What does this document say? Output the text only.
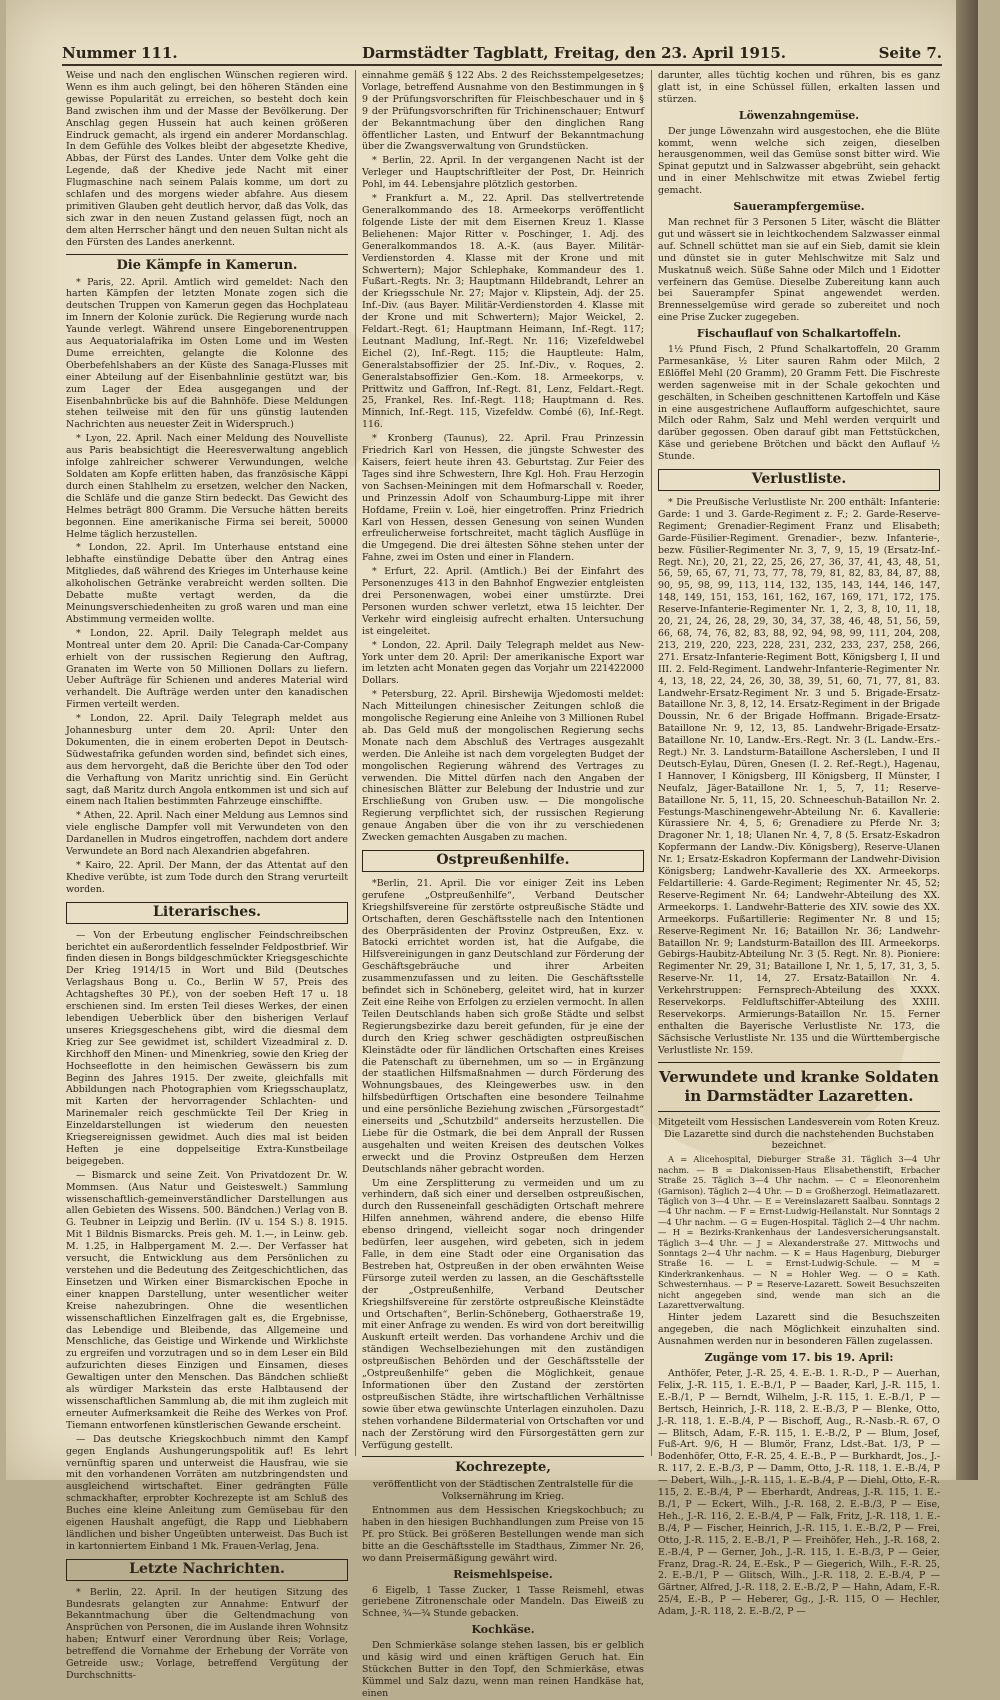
Nummer 111.	Darmstädter Tagblatt, Freitag, den 23. April 1915.	Seite 7.

Weise und nach den englischen Wünschen regieren wird. Wenn es ihm auch gelingt, bei den höheren Ständen eine gewisse Popularität zu erreichen, so besteht doch kein Band zwischen ihm und der Masse der Bevölkerung. Der Anschlag gegen Hussein hat auch keinen größeren Eindruck gemacht, als irgend ein anderer Mordanschlag. In dem Gefühle des Volkes bleibt der abgesetzte Khedive, Abbas, der Fürst des Landes. Unter dem Volke geht die Legende, daß der Khedive jede Nacht mit einer Flugmaschine nach seinem Palais komme, um dort zu schlafen und des morgens wieder abfahre. Aus diesem primitiven Glauben geht deutlich hervor, daß das Volk, das sich zwar in den neuen Zustand gelassen fügt, noch an dem alten Herrscher hängt und den neuen Sultan nicht als den Fürsten des Landes anerkennt.

Die Kämpfe in Kamerun.

* Paris, 22. April. Amtlich wird gemeldet: Nach den harten Kämpfen der letzten Monate zogen sich die deutschen Truppen von Kamerun gegen das Hochplateau im Innern der Kolonie zurück. Die Regierung wurde nach Yaunde verlegt. Während unsere Eingeborenentruppen aus Aequatorialafrika im Osten Lome und im Westen Dume erreichten, gelangte die Kolonne des Oberbefehlshabers an der Küste des Sanaga-Flusses mit einer Abteilung auf der Eisenbahnlinie gestützt war, bis zum Lager der Edea ausgegangen und der Eisenbahnbrücke bis auf die Bahnhöfe. Diese Meldungen stehen teilweise mit den für uns günstig lautenden Nachrichten aus neuester Zeit in Widerspruch.)

* Lyon, 22. April. Nach einer Meldung des Nouvelliste aus Paris beabsichtigt die Heeresverwaltung angeblich infolge zahlreicher schwerer Verwundungen, welche Soldaten am Kopfe erlitten haben, das französische Käppi durch einen Stahlhelm zu ersetzen, welcher den Nacken, die Schläfe und die ganze Stirn bedeckt. Das Gewicht des Helmes beträgt 800 Gramm. Die Versuche hätten bereits begonnen. Eine amerikanische Firma sei bereit, 50000 Helme täglich herzustellen.

* London, 22. April. Im Unterhause entstand eine lebhafte einstündige Debatte über den Antrag eines Mitgliedes, daß während des Krieges im Unterhause keine alkoholischen Getränke verabreicht werden sollten. Die Debatte mußte vertagt werden, da die Meinungsverschiedenheiten zu groß waren und man eine Abstimmung vermeiden wollte.

* London, 22. April. Daily Telegraph meldet aus Montreal unter dem 20. April: Die Canada-Car-Company erhielt von der russischen Regierung den Auftrag, Granaten im Werte von 50 Millionen Dollars zu liefern. Ueber Aufträge für Schienen und anderes Material wird verhandelt. Die Aufträge werden unter den kanadischen Firmen verteilt werden.

* London, 22. April. Daily Telegraph meldet aus Johannesburg unter dem 20. April: Unter den Dokumenten, die in einem eroberten Depot in Deutsch-Südwestafrika gefunden worden sind, befindet sich eines, aus dem hervorgeht, daß die Berichte über den Tod oder die Verhaftung von Maritz unrichtig sind. Ein Gerücht sagt, daß Maritz durch Angola entkommen ist und sich auf einem nach Italien bestimmten Fahrzeuge einschiffte.

* Athen, 22. April. Nach einer Meldung aus Lemnos sind viele englische Dampfer voll mit Verwundeten von den Dardanellen in Mudros eingetroffen, nachdem dort andere Verwundete an Bord nach Alexandrien abgefahren.

* Kairo, 22. April. Der Mann, der das Attentat auf den Khedive verübte, ist zum Tode durch den Strang verurteilt worden.

Literarisches.

— Von der Erbeutung englischer Feindschreibschen berichtet ein außerordentlich fesselnder Feldpostbrief. Wir finden diesen in Bongs bildgeschmückter Kriegsgeschichte Der Krieg 1914/15 in Wort und Bild (Deutsches Verlagshaus Bong u. Co., Berlin W 57, Preis des Achtagsheftes 30 Pf.), von der soeben Heft 17 u. 18 erschienen sind. Im ersten Teil dieses Werkes, der einen lebendigen Ueberblick über den bisherigen Verlauf unseres Kriegsgeschehens gibt, wird die diesmal dem Krieg zur See gewidmet ist, schildert Vizeadmiral z. D. Kirchhoff den Minen- und Minenkrieg, sowie den Krieg der Hochseeflotte in den heimischen Gewässern bis zum Beginn des Jahres 1915. Der zweite, gleichfalls mit Abbildungen nach Photographien vom Kriegsschauplatz, mit Karten der hervorragender Schlachten- und Marinemaler reich geschmückte Teil Der Krieg in Einzeldarstellungen ist wiederum den neuesten Kriegsereignissen gewidmet. Auch dies mal ist beiden Heften je eine doppelseitige Extra-Kunstbeilage beigegeben.

— Bismarck und seine Zeit. Von Privatdozent Dr. W. Mommsen. (Aus Natur und Geisteswelt.) Sammlung wissenschaftlich-gemeinverständlicher Darstellungen aus allen Gebieten des Wissens. 500. Bändchen.) Verlag von B. G. Teubner in Leipzig und Berlin. (IV u. 154 S.) 8. 1915. Mit 1 Bildnis Bismarcks. Preis geh. M. 1.—, in Leinw. geb. M. 1.25, in Halbpergament M. 2.—. Der Verfasser hat versucht, die Entwicklung aus dem Persönlichen zu verstehen und die Bedeutung des Zeitgeschichtlichen, das Einsetzen und Wirken einer Bismarckischen Epoche in einer knappen Darstellung, unter wesentlicher weiter Kreise nahezubringen. Ohne die wesentlichen wissenschaftlichen Einzelfragen galt es, die Ergebnisse, das Lebendige und Bleibende, das Allgemeine und Menschliche, das Geistige und Wirkende und Wirklichste zu ergreifen und vorzutragen und so in dem Leser ein Bild aufzurichten dieses Einzigen und Einsamen, dieses Gewaltigen unter den Menschen. Das Bändchen schließt als würdiger Markstein das erste Halbtausend der wissenschaftlichen Sammlung ab, die mit ihm zugleich mit erneuter Aufmerksamkeit die Reihe des Werkes von Prof. Tiemann entworfenen künstlerischen Gewande erscheint.

— Das deutsche Kriegskochbuch nimmt den Kampf gegen Englands Aushungerungspolitik auf! Es lehrt vernünftig sparen und unterweist die Hausfrau, wie sie mit den vorhandenen Vorräten am nutzbringendsten und ausgleichend wirtschaftet. Einer gedrängten Fülle schmackhafter, erprobter Kochrezepte ist am Schluß des Buches eine kleine Anleitung zum Gemüsebau für den eigenen Haushalt angefügt, die Rapp und Liebhabern ländlichen und bisher Ungeübten unterweist. Das Buch ist in kartonniertem Einband 1 Mk. Frauen-Verlag, Jena.

Letzte Nachrichten.

* Berlin, 22. April. In der heutigen Sitzung des Bundesrats gelangten zur Annahme: Entwurf der Bekanntmachung über die Geltendmachung von Ansprüchen von Personen, die im Auslande ihren Wohnsitz haben; Entwurf einer Verordnung über Reis; Vorlage, betreffend die Vornahme der Erhebung der Vorräte von Getreide usw.; Vorlage, betreffend Vergütung der Durchschnitts-

einnahme gemäß § 122 Abs. 2 des Reichsstempelgesetzes; Vorlage, betreffend Ausnahme von den Bestimmungen in § 9 der Prüfungsvorschriften für Fleischbeschauer und in § 9 der Prüfungsvorschriften für Trichinenschauer; Entwurf der Bekanntmachung über den dinglichen Rang öffentlicher Lasten, und Entwurf der Bekanntmachung über die Zwangsverwaltung von Grundstücken.

* Berlin, 22. April. In der vergangenen Nacht ist der Verleger und Hauptschriftleiter der Post, Dr. Heinrich Pohl, im 44. Lebensjahre plötzlich gestorben.

* Frankfurt a. M., 22. April. Das stellvertretende Generalkommando des 18. Armeekorps veröffentlicht folgende Liste der mit dem Eisernen Kreuz 1. Klasse Beliehenen: Major Ritter v. Poschinger, 1. Adj. des Generalkommandos 18. A.-K. (aus Bayer. Militär-Verdienstorden 4. Klasse mit der Krone und mit Schwertern); Major Schlephake, Kommandeur des 1. Fußart.-Regts. Nr. 3; Hauptmann Hildebrandt, Lehrer an der Kriegsschule Nr. 27; Major v. Klipstein, Adj. der 25. Inf.-Div. (aus Bayer. Militär-Verdienstorden 4. Klasse mit der Krone und mit Schwertern); Major Weickel, 2. Feldart.-Regt. 61; Hauptmann Heimann, Inf.-Regt. 117; Leutnant Madlung, Inf.-Regt. Nr. 116; Vizefeldwebel Eichel (2), Inf.-Regt. 115; die Hauptleute: Halm, Generalstabsoffizier der 25. Inf.-Div., v. Roques, 2. Generalstabsoffizier Gen.-Kom. 18. Armeekorps, v. Prittwitz und Gaffron, Inf.-Regt. 81, Lenz, Feldart.-Regt. 25, Frankel, Res. Inf.-Regt. 118; Hauptmann d. Res. Minnich, Inf.-Regt. 115, Vizefeldw. Combé (6), Inf.-Regt. 116.

* Kronberg (Taunus), 22. April. Frau Prinzessin Friedrich Karl von Hessen, die jüngste Schwester des Kaisers, feiert heute ihren 43. Geburtstag. Zur Feier des Tages sind ihre Schwestern, Ihre Kgl. Hoh. Frau Herzogin von Sachsen-Meiningen mit dem Hofmarschall v. Roeder, und Prinzessin Adolf von Schaumburg-Lippe mit ihrer Hofdame, Freiin v. Loë, hier eingetroffen. Prinz Friedrich Karl von Hessen, dessen Genesung von seinen Wunden erfreulicherweise fortschreitet, macht täglich Ausflüge in die Umgegend. Die drei ältesten Söhne stehen unter der Fahne, zwei im Osten und einer in Flandern.

* Erfurt, 22. April. (Amtlich.) Bei der Einfahrt des Personenzuges 413 in den Bahnhof Engwezier entgleisten drei Personenwagen, wobei einer umstürzte. Drei Personen wurden schwer verletzt, etwa 15 leichter. Der Verkehr wird eingleisig aufrecht erhalten. Untersuchung ist eingeleitet.

* London, 22. April. Daily Telegraph meldet aus New-York unter dem 20. April: Der amerikanische Export war im letzten acht Monaten gegen das Vorjahr um 221422000 Dollars.

* Petersburg, 22. April. Birshewija Wjedomosti meldet: Nach Mitteilungen chinesischer Zeitungen schloß die mongolische Regierung eine Anleihe von 3 Millionen Rubel ab. Das Geld muß der mongolischen Regierung sechs Monate nach dem Abschluß des Vertrages ausgezahlt werden. Die Anleihe ist nach dem vorgelegten Budget der mongolischen Regierung während des Vertrages zu verwenden. Die Mittel dürfen nach den Angaben der chinesischen Blätter zur Belebung der Industrie und zur Erschließung von Gruben usw. — Die mongolische Regierung verpflichtet sich, der russischen Regierung genaue Angaben über die von ihr zu verschiedenen Zwecken gemachten Ausgaben zu machen.

Ostpreußenhilfe.

*Berlin, 21. April. Die vor einiger Zeit ins Leben gerufene „Ostpreußenhilfe“, Verband Deutscher Kriegshilfsvereine für zerstörte ostpreußische Städte und Ortschaften, deren Geschäftsstelle nach den Intentionen des Oberpräsidenten der Provinz Ostpreußen, Exz. v. Batocki errichtet worden ist, hat die Aufgabe, die Hilfsvereinigungen in ganz Deutschland zur Förderung der Geschäftsgebräuche und ihrer Arbeiten zusammenzufassen und zu leiten. Die Geschäftsstelle befindet sich in Schöneberg, geleitet wird, hat in kurzer Zeit eine Reihe von Erfolgen zu erzielen vermocht. In allen Teilen Deutschlands haben sich große Städte und selbst Regierungsbezirke dazu bereit gefunden, für je eine der durch den Krieg schwer geschädigten ostpreußischen Kleinstädte oder für ländlichen Ortschaften eines Kreises die Patenschaft zu übernehmen, um so — in Ergänzung der staatlichen Hilfsmaßnahmen — durch Förderung des Wohnungsbaues, des Kleingewerbes usw. in den hilfsbedürftigen Ortschaften eine besondere Teilnahme und eine persönliche Beziehung zwischen „Fürsorgestadt“ einerseits und „Schutzbild“ anderseits herzustellen. Die Liebe für die Ostmark, die bei dem Anprall der Russen ausgehalten und weiten Kreisen des deutschen Volkes erweckt und die Provinz Ostpreußen dem Herzen Deutschlands näher gebracht worden.

Um eine Zersplitterung zu vermeiden und um zu verhindern, daß sich einer und derselben ostpreußischen, durch den Russeneinfall geschädigten Ortschaft mehrere Hilfen annehmen, während andere, die ebenso Hilfe ebenso dringend, vielleicht sogar noch dringender bedürfen, leer ausgehen, wird gebeten, sich in jedem Falle, in dem eine Stadt oder eine Organisation das Bestreben hat, Ostpreußen in der oben erwähnten Weise Fürsorge zuteil werden zu lassen, an die Geschäftsstelle der „Ostpreußenhilfe, Verband Deutscher Kriegshilfsvereine für zerstörte ostpreußische Kleinstädte und Ortschaften“, Berlin-Schöneberg, Gothaerstraße 19, mit einer Anfrage zu wenden. Es wird von dort bereitwillig Auskunft erteilt werden. Das vorhandene Archiv und die ständigen Wechselbeziehungen mit den zuständigen ostpreußischen Behörden und der Geschäftsstelle der „Ostpreußenhilfe“ geben die Möglichkeit, genaue Informationen über den Zustand der zerstörten ostpreußischen Städte, ihre wirtschaftlichen Verhältnisse sowie über etwa gewünschte Unterlagen einzuholen. Dazu stehen vorhandene Bildermaterial von Ortschaften vor und nach der Zerstörung wird den Fürsorgestätten gern zur Verfügung gestellt.

Kochrezepte,

veröffentlicht von der Städtischen Zentralstelle für die Volksernährung im Krieg.

Entnommen aus dem Hessischen Kriegskochbuch; zu haben in den hiesigen Buchhandlungen zum Preise von 15 Pf. pro Stück. Bei größeren Bestellungen wende man sich bitte an die Geschäftsstelle im Stadthaus, Zimmer Nr. 26, wo dann Preisermäßigung gewährt wird.

Reismehlspeise.

6 Eigelb, 1 Tasse Zucker, 1 Tasse Reismehl, etwas geriebene Zitronenschale oder Mandeln. Das Eiweiß zu Schnee, ¾—¾ Stunde gebacken.

Kochkäse.

Den Schmierkäse solange stehen lassen, bis er gelblich und käsig wird und einen kräftigen Geruch hat. Ein Stückchen Butter in den Topf, den Schmierkäse, etwas Kümmel und Salz dazu, wenn man reinen Handkäse hat, einen

darunter, alles tüchtig kochen und rühren, bis es ganz glatt ist, in eine Schüssel füllen, erkalten lassen und stürzen.

Löwenzahngemüse.

Der junge Löwenzahn wird ausgestochen, ehe die Blüte kommt, wenn welche sich zeigen, dieselben herausgenommen, weil das Gemüse sonst bitter wird. Wie Spinat geputzt und in Salzwasser abgebrüht, sein gehackt und in einer Mehlschwitze mit etwas Zwiebel fertig gemacht.

Sauerampfergemüse.

Man rechnet für 3 Personen 5 Liter, wäscht die Blätter gut und wässert sie in leichtkochendem Salzwasser einmal auf. Schnell schüttet man sie auf ein Sieb, damit sie klein und dünstet sie in guter Mehlschwitze mit Salz und Muskatnuß weich. Süße Sahne oder Milch und 1 Eidotter verfeinern das Gemüse. Dieselbe Zubereitung kann auch bei Sauerampfer Spinat angewendet werden. Brennesselgemüse wird gerade so zubereitet und noch eine Prise Zucker zugegeben.

Fischauflauf von Schalkartoffeln.

1½ Pfund Fisch, 2 Pfund Schalkartoffeln, 20 Gramm Parmesankäse, ½ Liter sauren Rahm oder Milch, 2 Eßlöffel Mehl (20 Gramm), 20 Gramm Fett. Die Fischreste werden sagenweise mit in der Schale gekochten und geschälten, in Scheiben geschnittenen Kartoffeln und Käse in eine ausgestrichene Auflaufform aufgeschichtet, saure Milch oder Rahm, Salz und Mehl werden verquirlt und darüber gegossen. Oben darauf gibt man Fettstückchen, Käse und geriebene Brötchen und bäckt den Auflauf ½ Stunde.

Verlustliste.

* Die Preußische Verlustliste Nr. 200 enthält: Infanterie: Garde: 1 und 3. Garde-Regiment z. F.; 2. Garde-Reserve-Regiment; Grenadier-Regiment Franz und Elisabeth; Garde-Füsilier-Regiment. Grenadier-, bezw. Infanterie-, bezw. Füsilier-Regimenter Nr. 3, 7, 9, 15, 19 (Ersatz-Inf.-Regt. Nr.), 20, 21, 22, 25, 26, 27, 36, 37, 41, 43, 48, 51, 56, 59, 65, 67, 71, 73, 77, 78, 79, 81, 82, 83, 84, 87, 88, 90, 95, 98, 99, 113, 114, 132, 135, 143, 144, 146, 147, 148, 149, 151, 153, 161, 162, 167, 169, 171, 172, 175. Reserve-Infanterie-Regimenter Nr. 1, 2, 3, 8, 10, 11, 18, 20, 21, 24, 26, 28, 29, 30, 34, 37, 38, 46, 48, 51, 56, 59, 66, 68, 74, 76, 82, 83, 88, 92, 94, 98, 99, 111, 204, 208, 213, 219, 220, 223, 228, 231, 232, 233, 237, 258, 266, 271. Ersatz-Infanterie-Regiment Bott, Königsberg I, II und III. 2. Feld-Regiment. Landwehr-Infanterie-Regimenter Nr. 4, 13, 18, 22, 24, 26, 30, 38, 39, 51, 60, 71, 77, 81, 83. Landwehr-Ersatz-Regiment Nr. 3 und 5. Brigade-Ersatz-Bataillone Nr. 3, 8, 12, 14. Ersatz-Regiment in der Brigade Doussin, Nr. 6 der Brigade Hoffmann. Brigade-Ersatz-Bataillone Nr. 9, 12, 13, 85. Landwehr-Brigade-Ersatz-Bataillone Nr. 10, Landw.-Ers.-Regt. Nr. 3 (L. Landw.-Ers.-Regt.) Nr. 3. Landsturm-Bataillone Aschersleben, I und II Deutsch-Eylau, Düren, Gnesen (I. 2. Ref.-Regt.), Hagenau, I Hannover, I Königsberg, III Königsberg, II Münster, I Neufalz, Jäger-Bataillone Nr. 1, 5, 7, 11; Reserve-Bataillone Nr. 5, 11, 15, 20. Schneeschuh-Bataillon Nr. 2. Festungs-Maschinengewehr-Abteilung Nr. 6. Kavallerie: Kürassiere Nr. 4, 5, 6; Grenadiere zu Pferde Nr. 3; Dragoner Nr. 1, 18; Ulanen Nr. 4, 7, 8 (5. Ersatz-Eskadron Kopfermann der Landw.-Div. Königsberg), Reserve-Ulanen Nr. 1; Ersatz-Eskadron Kopfermann der Landwehr-Division Königsberg; Landwehr-Kavallerie des XX. Armeekorps. Feldartillerie: 4. Garde-Regiment; Regimenter Nr. 45, 52; Reserve-Regiment Nr. 64; Landwehr-Abteilung des XX. Armeekorps. 1. Landwehr-Batterie des XIV. sowie des XX. Armeekorps. Fußartillerie: Regimenter Nr. 8 und 15; Reserve-Regiment Nr. 16; Bataillon Nr. 36; Landwehr-Bataillon Nr. 9; Landsturm-Bataillon des III. Armeekorps. Gebirgs-Haubitz-Abteilung Nr. 3 (5. Regt. Nr. 8). Pioniere: Regimenter Nr. 29, 31; Bataillone I, Nr. 1, 5, 17, 31, 3, 5. Reserve-Nr. 11, 14, 27. Ersatz-Bataillon Nr. 4. Verkehrstruppen: Fernsprech-Abteilung des XXXX. Reservekorps. Feldluftschiffer-Abteilung des XXIII. Reservekorps. Armierungs-Bataillon Nr. 15. Ferner enthalten die Bayerische Verlustliste Nr. 173, die Sächsische Verlustliste Nr. 135 und die Württembergische Verlustliste Nr. 159.

Verwundete und kranke Soldaten in Darmstädter Lazaretten.

Mitgeteilt vom Hessischen Landesverein vom Roten Kreuz. Die Lazarette sind durch die nachstehenden Buchstaben bezeichnet.

A = Alicehospital, Dieburger Straße 31. Täglich 3—4 Uhr nachm. — B = Diakonissen-Haus Elisabethenstift, Erbacher Straße 25. Täglich 3—4 Uhr nachm. — C = Eleonorenheim (Garnison). Täglich 2—4 Uhr. — D = Großherzogl. Heimatlazarett. Täglich von 3—4 Uhr. — E = Vereinslazarett Saalbau. Sonntags 2—4 Uhr nachm. — F = Ernst-Ludwig-Heilanstalt. Nur Sonntags 2—4 Uhr nachm. — G = Eugen-Hospital. Täglich 2—4 Uhr nachm. — H = Bezirks-Krankenhaus der Landesversicherungsanstalt. Täglich 3—4 Uhr. — J = Alexanderstraße 27. Mittwochs und Sonntags 2—4 Uhr nachm. — K = Haus Hagenburg, Dieburger Straße 16. — L = Ernst-Ludwig-Schule. — M = Kinderkrankenhaus. — N = Hohler Weg. — O = Kath. Schwesternhaus. — P = Reserve-Lazarett. Soweit Besuchszeiten nicht angegeben sind, wende man sich an die Lazarettverwaltung.

Hinter jedem Lazarett sind die Besuchszeiten angegeben, die nach Möglichkeit einzuhalten sind. Ausnahmen werden nur in besonderen Fällen zugelassen.

Zugänge vom 17. bis 19. April:

Anthöfer, Peter, J.-R. 25, 4. E.-B. 1. R.-D., P — Auerhan, Felix, J.-R. 115, 1. E.-B./1, P — Baader, Karl, J.-R. 115, 1. E.-B./1, P — Berndt, Wilhelm, J.-R. 115, 1. E.-B./1, P — Bertsch, Heinrich, J.-R. 118, 2. E.-B./3, P — Blenke, Otto, J.-R. 118, 1. E.-B./4, P — Bischoff, Aug., R.-Nasb.-R. 67, O — Blitsch, Adam, F.-R. 115, 1. E.-B./2, P — Blum, Josef, Fuß-Art. 9/6, H — Blumör, Franz, Ldst.-Bat. 1/3, P — Bodenhöfer, Otto, F.-R. 25, 4. E.-B., P — Burkhardt, Jos., J.-R. 117, 2. E.-B./3, P — Damm, Otto, J.-R. 118, 1. E.-B./4, P — Debert, Wilh., J.-R. 115, 1. E.-B./4, P — Diehl, Otto, F.-R. 115, 2. E.-B./4, P — Eberhardt, Andreas, J.-R. 115, 1. E.-B./1, P — Eckert, Wilh., J.-R. 168, 2. E.-B./3, P — Eise, Heh., J.-R. 116, 2. E.-B./4, P — Falk, Fritz, J.-R. 118, 1. E.-B./4, P — Fischer, Heinrich, J.-R. 115, 1. E.-B./2, P — Frei, Otto, J.-R. 115, 2. E.-B./1, P — Freihöfer, Heh., J.-R. 168, 2. E.-B./4, P — Gerner, Joh., J.-R. 115, 1. E.-B./3, P — Geier, Franz, Drag.-R. 24, E.-Esk., P — Giegerich, Wilh., F.-R. 25, 2. E.-B./1, P — Glitsch, Wilh., J.-R. 118, 2. E.-B./4, P — Gärtner, Alfred, J.-R. 118, 2. E.-B./2, P — Hahn, Adam, F.-R. 25/4, E.-B., P — Heberer, Gg., J.-R. 115, O — Hechler, Adam, J.-R. 118, 2. E.-B./2, P —
